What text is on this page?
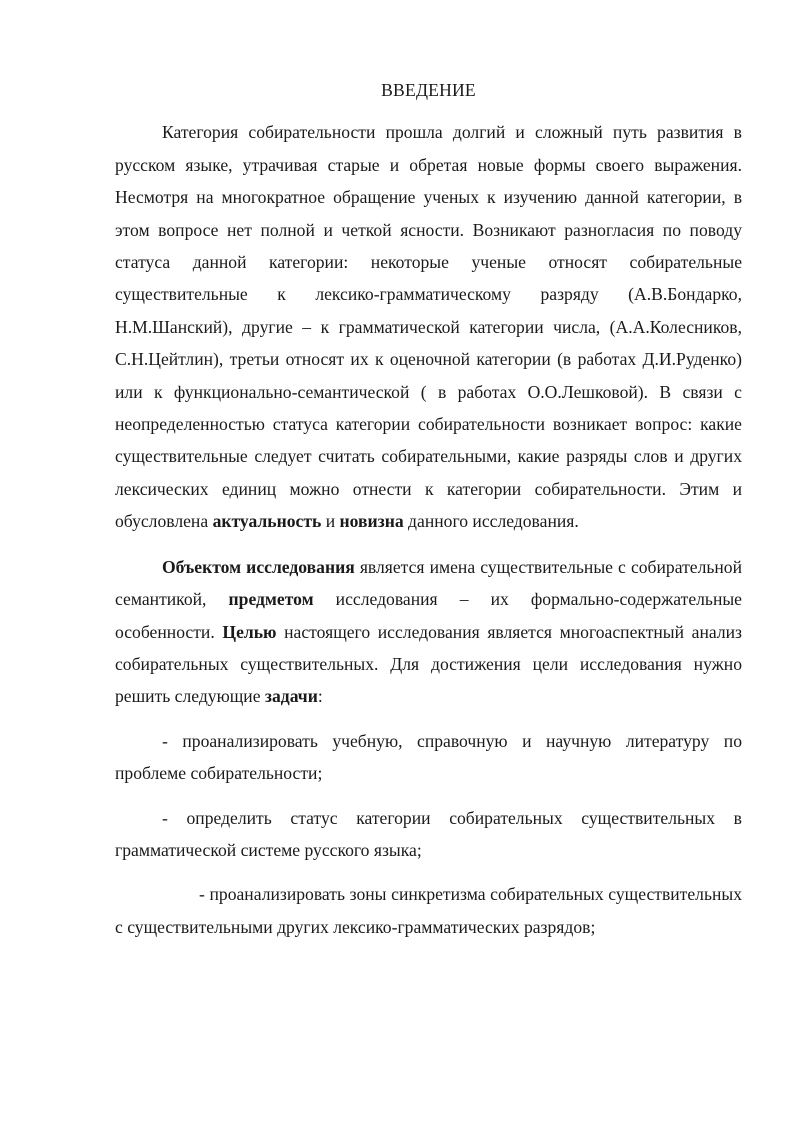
ВВЕДЕНИЕ

Категория собирательности прошла долгий и сложный путь развития в русском языке, утрачивая старые и обретая новые формы своего выражения. Несмотря на многократное обращение ученых к изучению данной категории, в этом вопросе нет полной и четкой ясности. Возникают разногласия по поводу статуса данной категории: некоторые ученые относят собирательные существительные к лексико-грамматическому разряду (А.В.Бондарко, Н.М.Шанский), другие – к грамматической категории числа, (А.А.Колесников, С.Н.Цейтлин), третьи относят их к оценочной категории (в работах Д.И.Руденко) или к функционально-семантической ( в работах О.О.Лешковой). В связи с неопределенностью статуса категории собирательности возникает вопрос: какие существительные следует считать собирательными, какие разряды слов и других лексических единиц можно отнести к категории собирательности. Этим и обусловлена актуальность и новизна данного исследования.

Объектом исследования является имена существительные с собирательной семантикой, предметом исследования – их формально-содержательные особенности. Целью настоящего исследования является многоаспектный анализ собирательных существительных. Для достижения цели исследования нужно решить следующие задачи:

- проанализировать учебную, справочную и научную литературу по проблеме собирательности;

- определить статус категории собирательных существительных в грамматической системе русского языка;

- проанализировать зоны синкретизма собирательных существительных с существительными других лексико-грамматических разрядов;
